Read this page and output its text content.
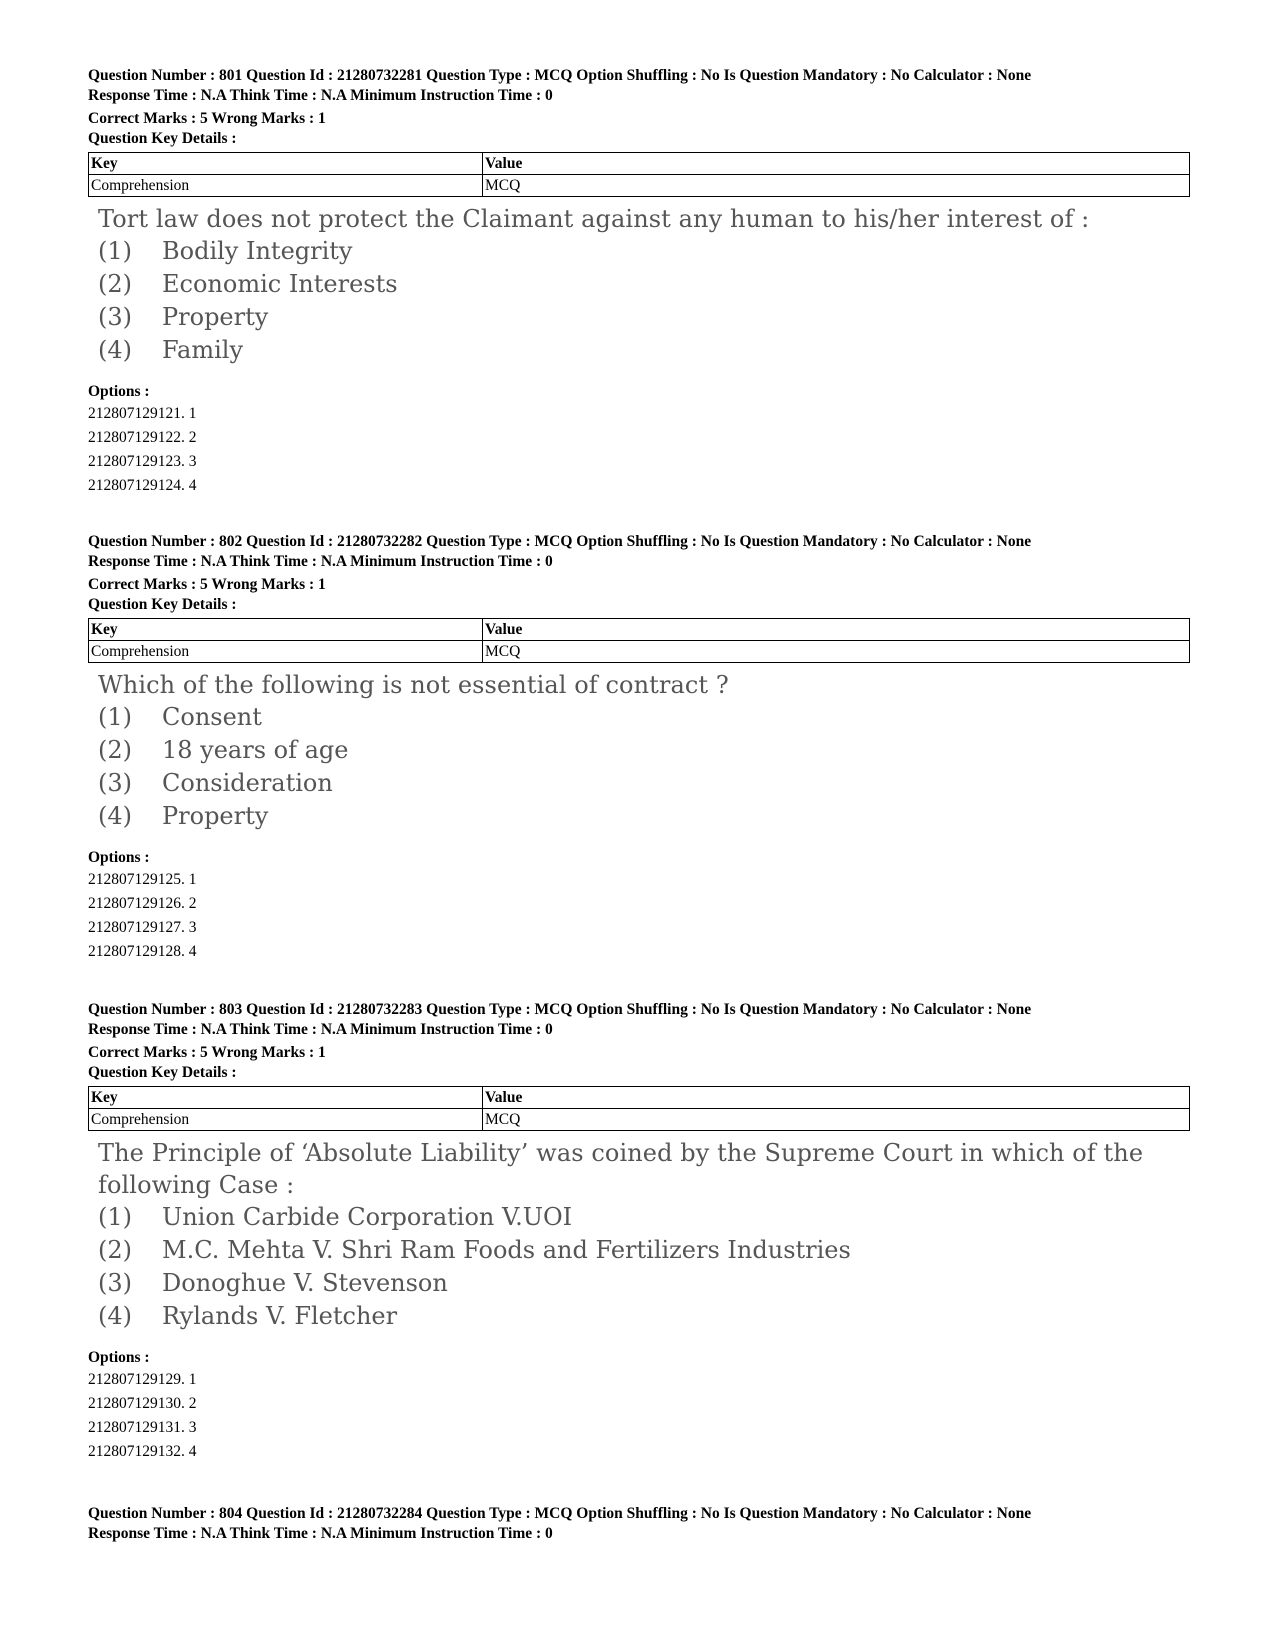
Question Number : 801 Question Id : 21280732281 Question Type : MCQ Option Shuffling : No Is Question Mandatory : No Calculator : None

Response Time : N.A Think Time : N.A Minimum Instruction Time : 0

Correct Marks : 5 Wrong Marks : 1

Question Key Details :

Key	Value
Comprehension	MCQ
Tort law does not protect the Claimant against any human to his/her interest of :
(1)	Bodily Integrity
(2)	Economic Interests
(3)	Property
(4)	Family
Options :
212807129121. 1
212807129122. 2
212807129123. 3
212807129124. 4

Question Number : 802 Question Id : 21280732282 Question Type : MCQ Option Shuffling : No Is Question Mandatory : No Calculator : None

Response Time : N.A Think Time : N.A Minimum Instruction Time : 0

Correct Marks : 5 Wrong Marks : 1

Question Key Details :

Key	Value
Comprehension	MCQ
Which of the following is not essential of contract ?
(1)	Consent
(2)	18 years of age
(3)	Consideration
(4)	Property
Options :
212807129125. 1
212807129126. 2
212807129127. 3
212807129128. 4

Question Number : 803 Question Id : 21280732283 Question Type : MCQ Option Shuffling : No Is Question Mandatory : No Calculator : None

Response Time : N.A Think Time : N.A Minimum Instruction Time : 0

Correct Marks : 5 Wrong Marks : 1

Question Key Details :

Key	Value
Comprehension	MCQ
The Principle of ‘Absolute Liability’ was coined by the Supreme Court in which of the following Case :
(1)	Union Carbide Corporation V.UOI
(2)	M.C. Mehta V. Shri Ram Foods and Fertilizers Industries
(3)	Donoghue V. Stevenson
(4)	Rylands V. Fletcher
Options :
212807129129. 1
212807129130. 2
212807129131. 3
212807129132. 4

Question Number : 804 Question Id : 21280732284 Question Type : MCQ Option Shuffling : No Is Question Mandatory : No Calculator : None

Response Time : N.A Think Time : N.A Minimum Instruction Time : 0
